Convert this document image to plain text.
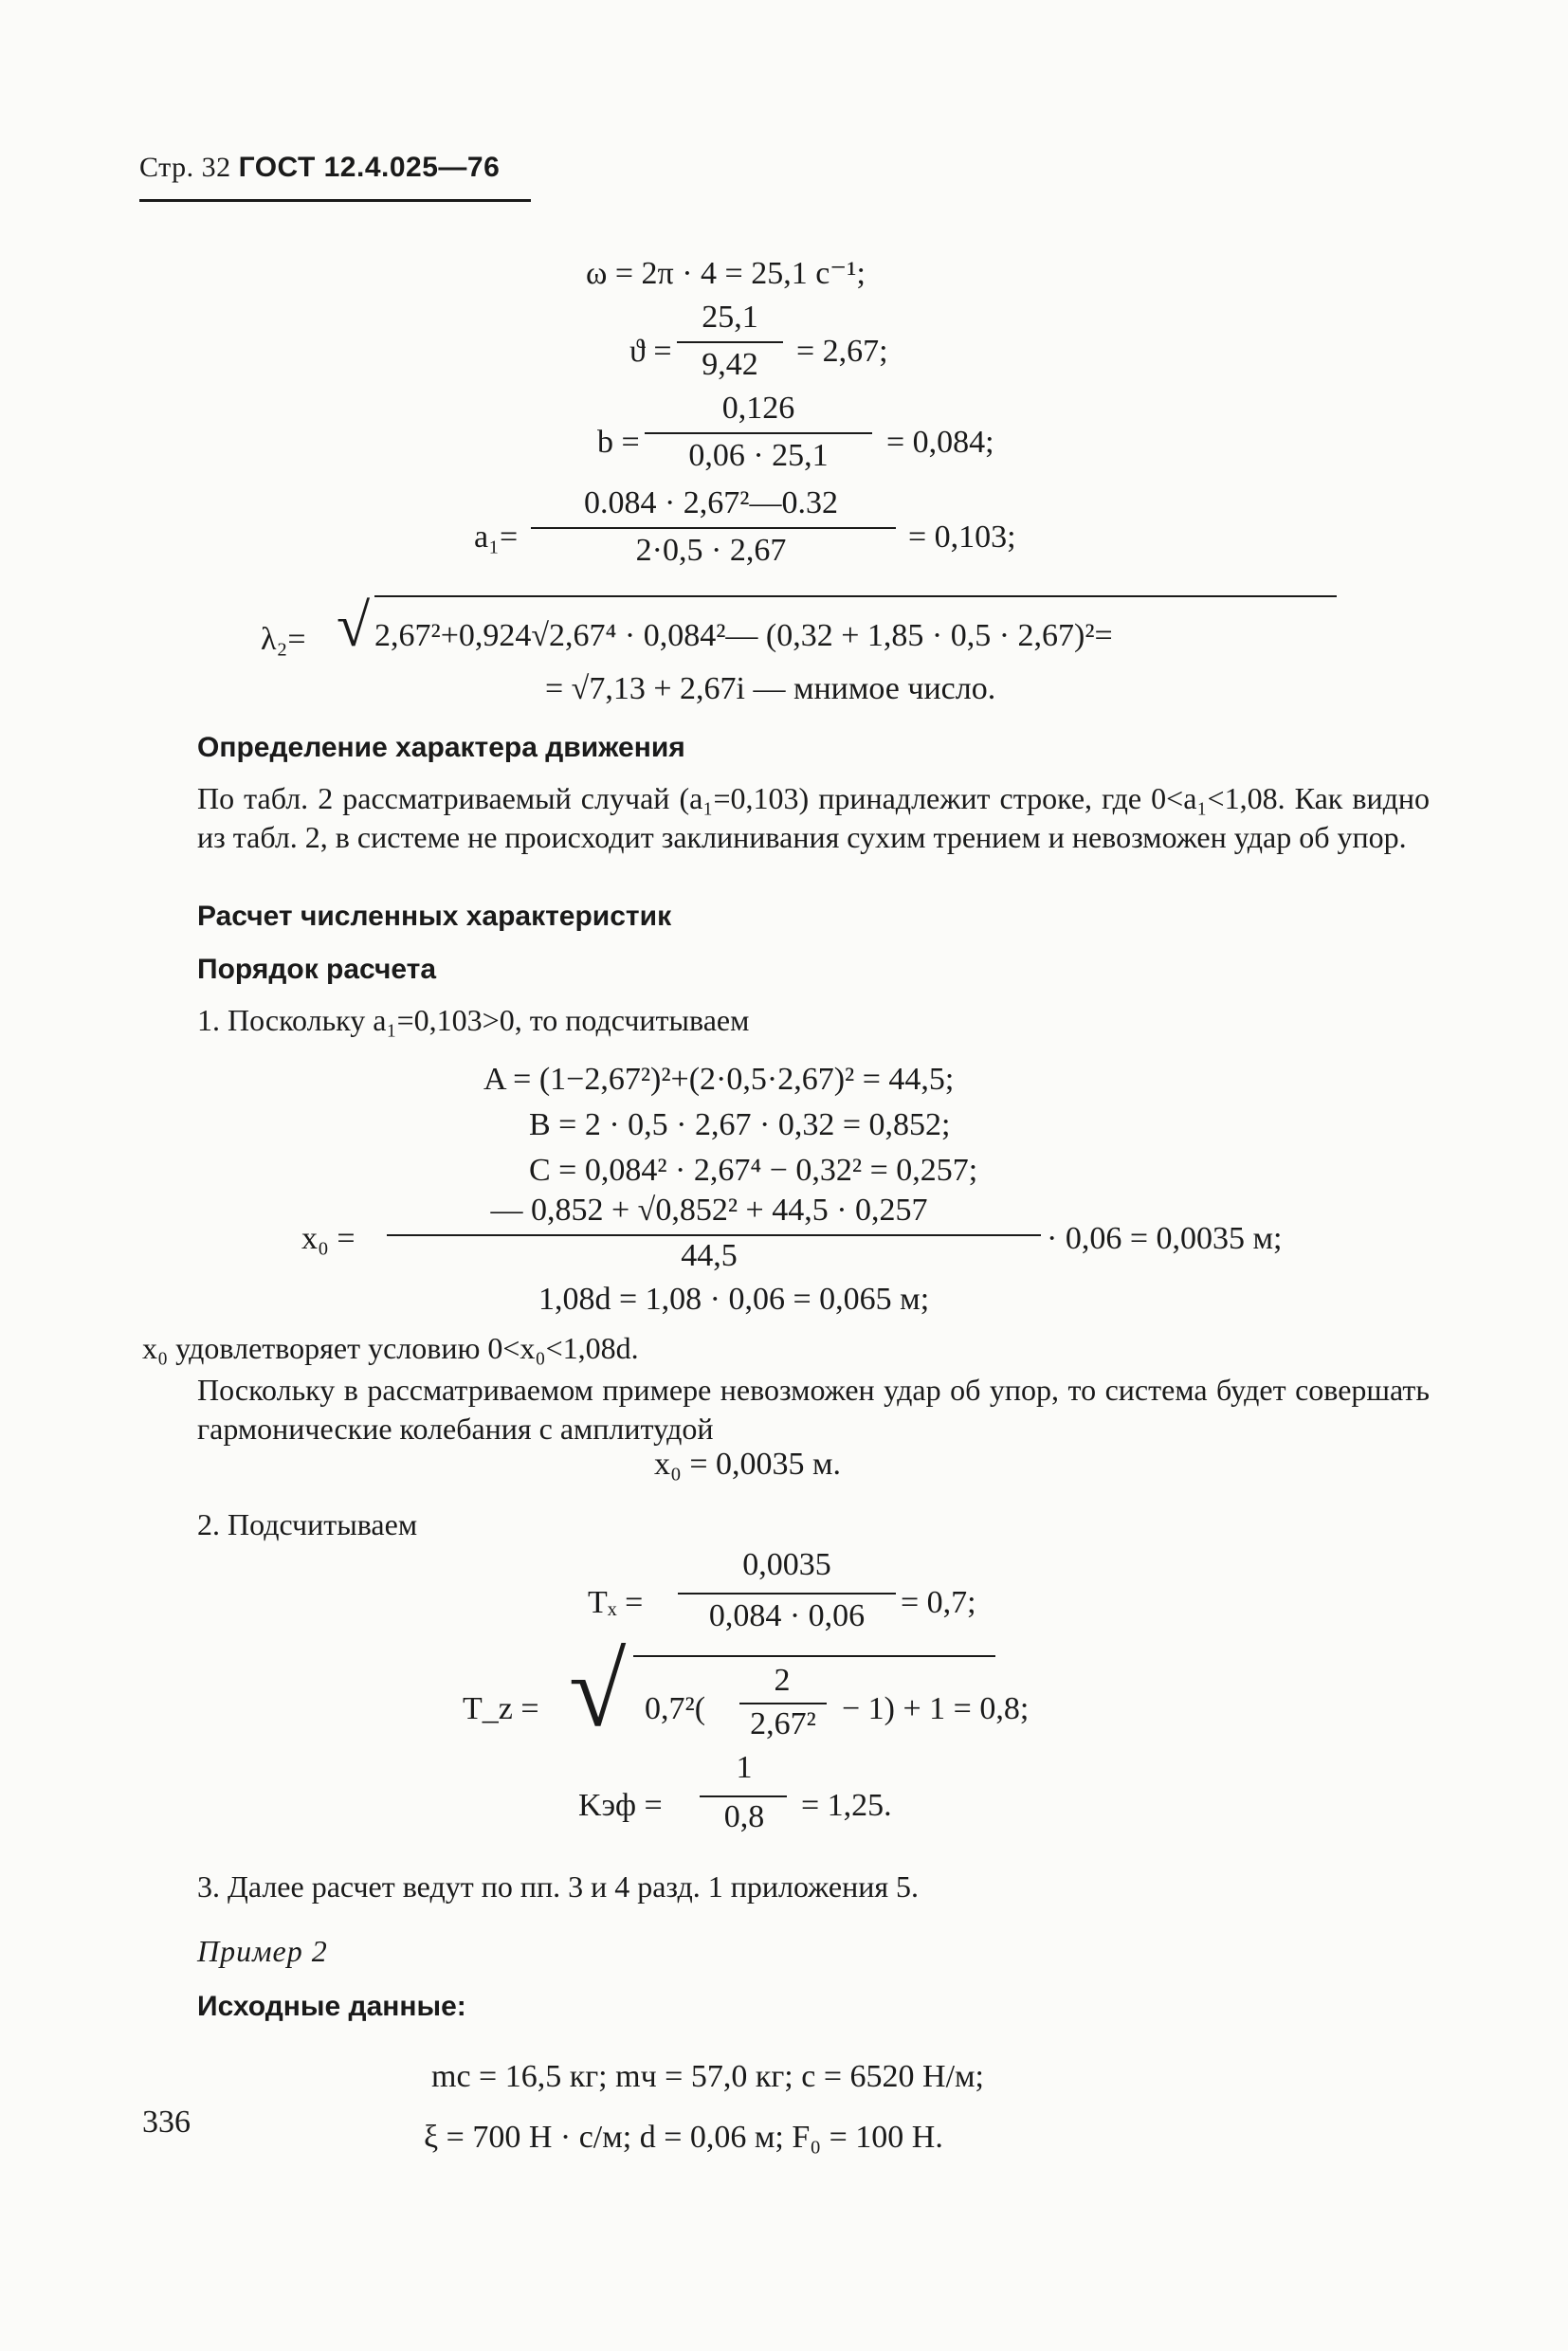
Стр. 32 ГОСТ 12.4.025—76
ω = 2π · 4 = 25,1 с⁻¹;
ϑ =
25,1
9,42	= 2,67;
b =
0,126
0,06 · 25,1	= 0,084;
a₁=
0.084 · 2,67²—0.32
2·0,5 · 2,67	= 0,103;
λ₂= √ 2,67²+0,924√2,67⁴ · 0,084²— (0,32 + 1,85 · 0,5 · 2,67)²=
= √7,13 + 2,67i — мнимое число.
Определение характера движения
По табл. 2 рассматриваемый случай (a₁=0,103) принадлежит строке, где 0<a₁<1,08. Как видно из табл. 2, в системе не происходит заклинивания сухим трением и невозможен удар об упор.
Расчет численных характеристик
Порядок расчета
1. Поскольку a₁=0,103>0, то подсчитываем
A = (1−2,67²)²+(2·0,5·2,67)² = 44,5;
B = 2 · 0,5 · 2,67 · 0,32 = 0,852;
C = 0,084² · 2,67⁴ − 0,32² = 0,257;
x₀ =
— 0,852 + √0,852² + 44,5 · 0,257
44,5	· 0,06 = 0,0035 м;
1,08d = 1,08 · 0,06 = 0,065 м;
x₀ удовлетворяет условию 0<x₀<1,08d.
Поскольку в рассматриваемом примере невозможен удар об упор, то система будет совершать гармонические колебания с амплитудой
x₀ = 0,0035 м.
2. Подсчитываем
Tₓ =
0,0035
0,084 · 0,06	= 0,7;
T_z = √ 0,7²(
2
2,67² − 1) + 1 = 0,8;
Kэф =
1
0,8	= 1,25.
3. Далее расчет ведут по пп. 3 и 4 разд. 1 приложения 5.
Пример 2
Исходные данные:
mс = 16,5 кг; mч = 57,0 кг; c = 6520 Н/м;
ξ = 700 Н · с/м; d = 0,06 м; F₀ = 100 Н.
336
